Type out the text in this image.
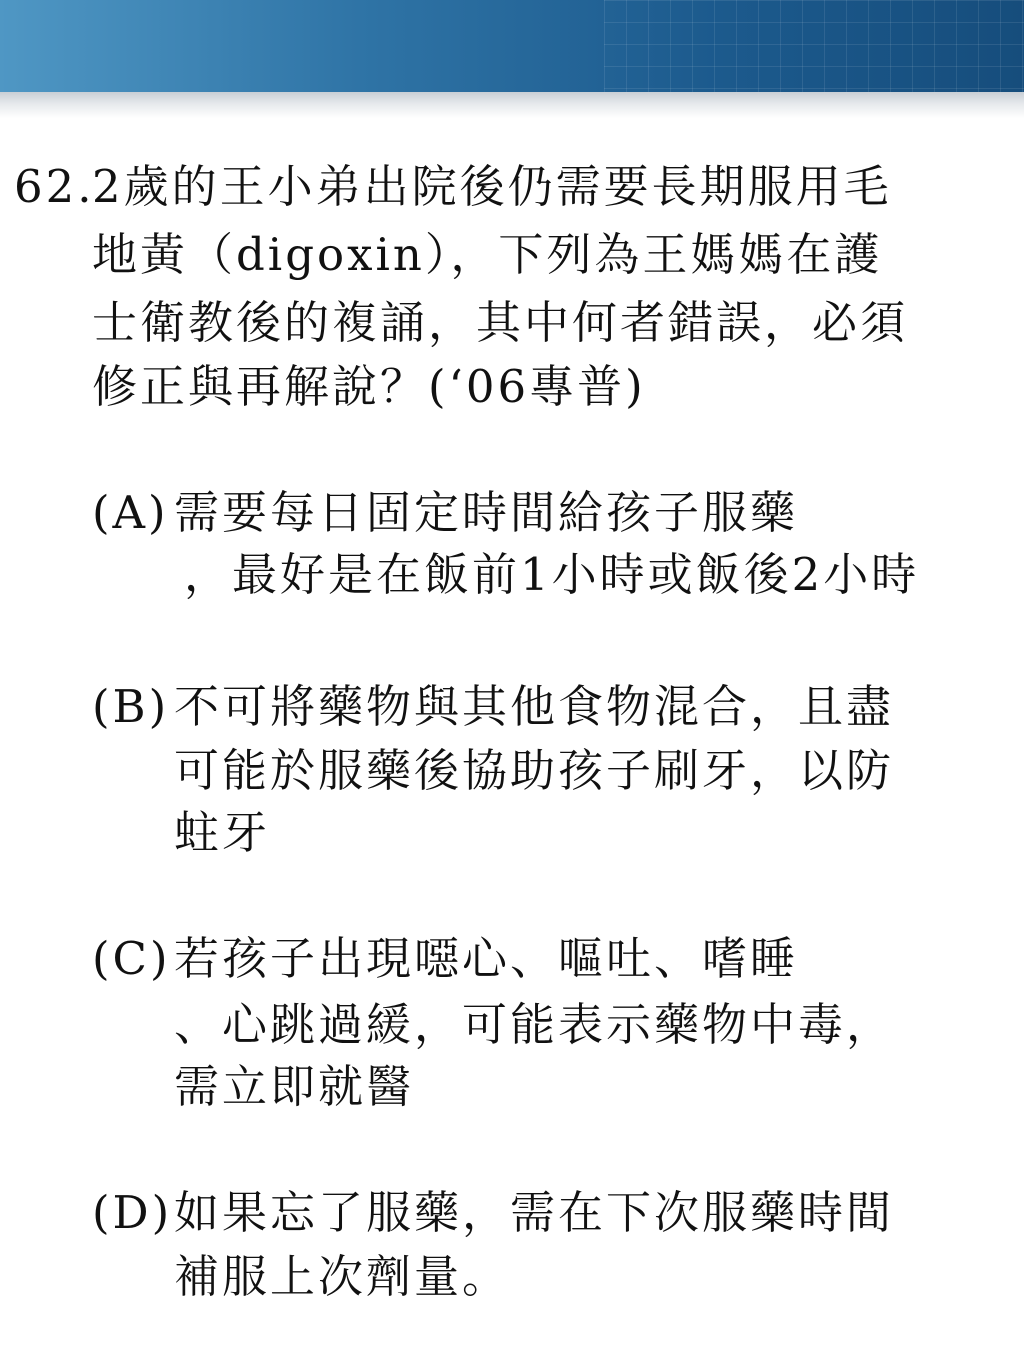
62.
2歲的王小弟出院後仍需要長期服用毛
地黃（digoxin），下列為王媽媽在護
士衛教後的複誦，其中何者錯誤，必須
修正與再解說？(‘06專普)
(A) 需要每日固定時間給孩子服藥
，最好是在飯前1小時或飯後2小時
(B) 不可將藥物與其他食物混合，且盡
可能於服藥後協助孩子刷牙，以防
蛀牙
(C) 若孩子出現噁心、嘔吐、嗜睡
、心跳過緩，可能表示藥物中毒，
需立即就醫
(D) 如果忘了服藥，需在下次服藥時間
補服上次劑量。
